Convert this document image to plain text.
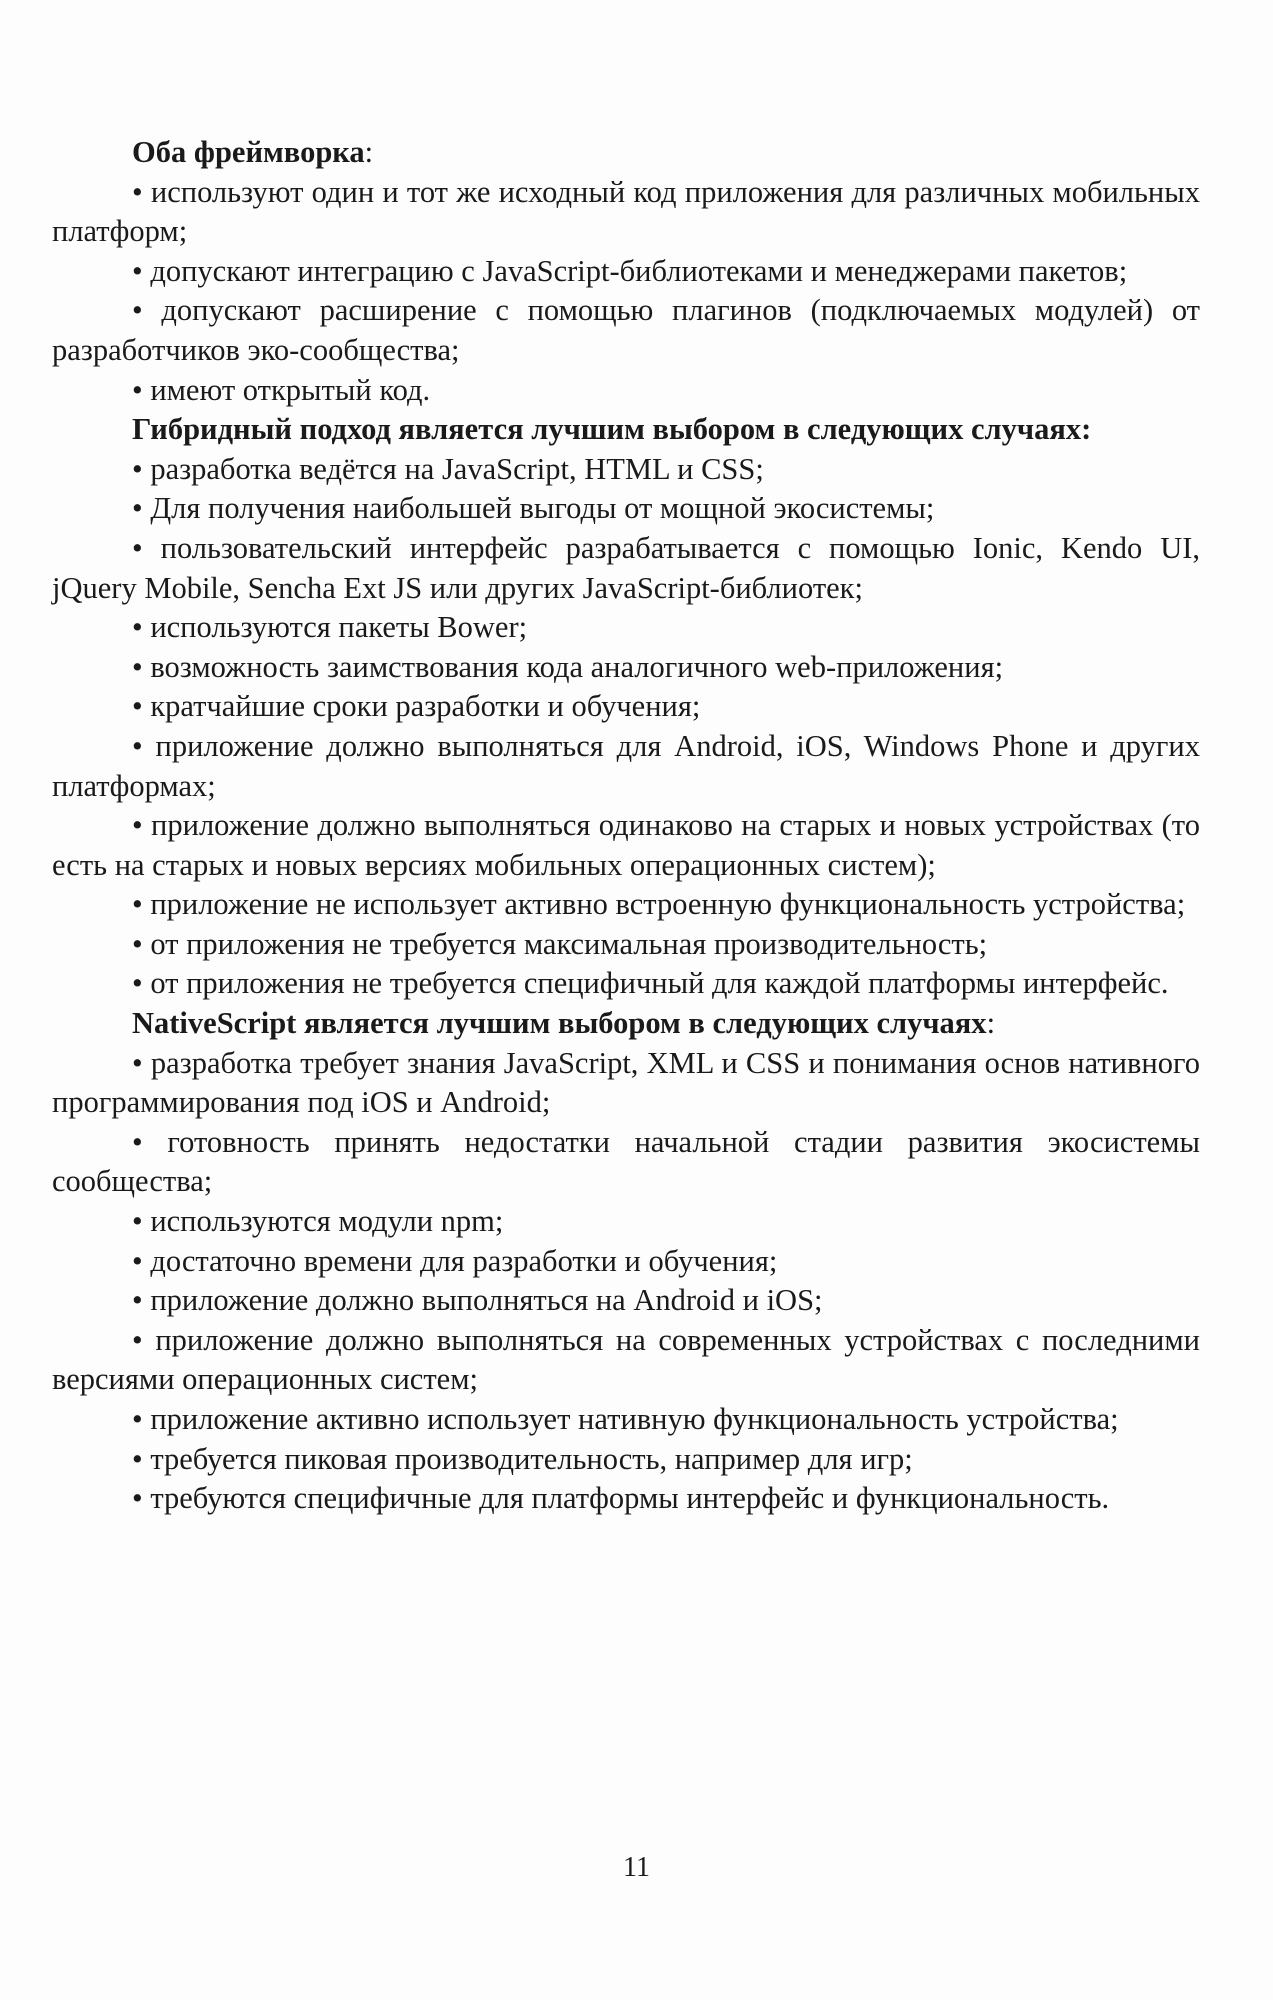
Оба фреймворка:

• используют один и тот же исходный код приложения для различных мобильных платформ;

• допускают интеграцию с JavaScript-библиотеками и менеджерами пакетов;

• допускают расширение с помощью плагинов (подключаемых модулей) от разработчиков эко-сообщества;

• имеют открытый код.

Гибридный подход является лучшим выбором в следующих случаях:

• разработка ведётся на JavaScript, HTML и CSS;

• Для получения наибольшей выгоды от мощной экосистемы;

• пользовательский интерфейс разрабатывается с помощью Ionic, Kendo UI, jQuery Mobile, Sencha Ext JS или других JavaScript-библиотек;

• используются пакеты Bower;

• возможность заимствования кода аналогичного web-приложения;

• кратчайшие сроки разработки и обучения;

• приложение должно выполняться для Android, iOS, Windows Phone и других платформах;

• приложение должно выполняться одинаково на старых и новых устройствах (то есть на старых и новых версиях мобильных операционных систем);

• приложение не использует активно встроенную функциональность устройства;

• от приложения не требуется максимальная производительность;

• от приложения не требуется специфичный для каждой платформы интерфейс.

NativeScript является лучшим выбором в следующих случаях:

• разработка требует знания JavaScript, XML и CSS и понимания основ нативного программирования под iOS и Android;

• готовность принять недостатки начальной стадии развития экосистемы сообщества;

• используются модули npm;

• достаточно времени для разработки и обучения;

• приложение должно выполняться на Android и iOS;

• приложение должно выполняться на современных устройствах с последними версиями операционных систем;

• приложение активно использует нативную функциональность устройства;

• требуется пиковая производительность, например для игр;

• требуются специфичные для платформы интерфейс и функциональность.

11
